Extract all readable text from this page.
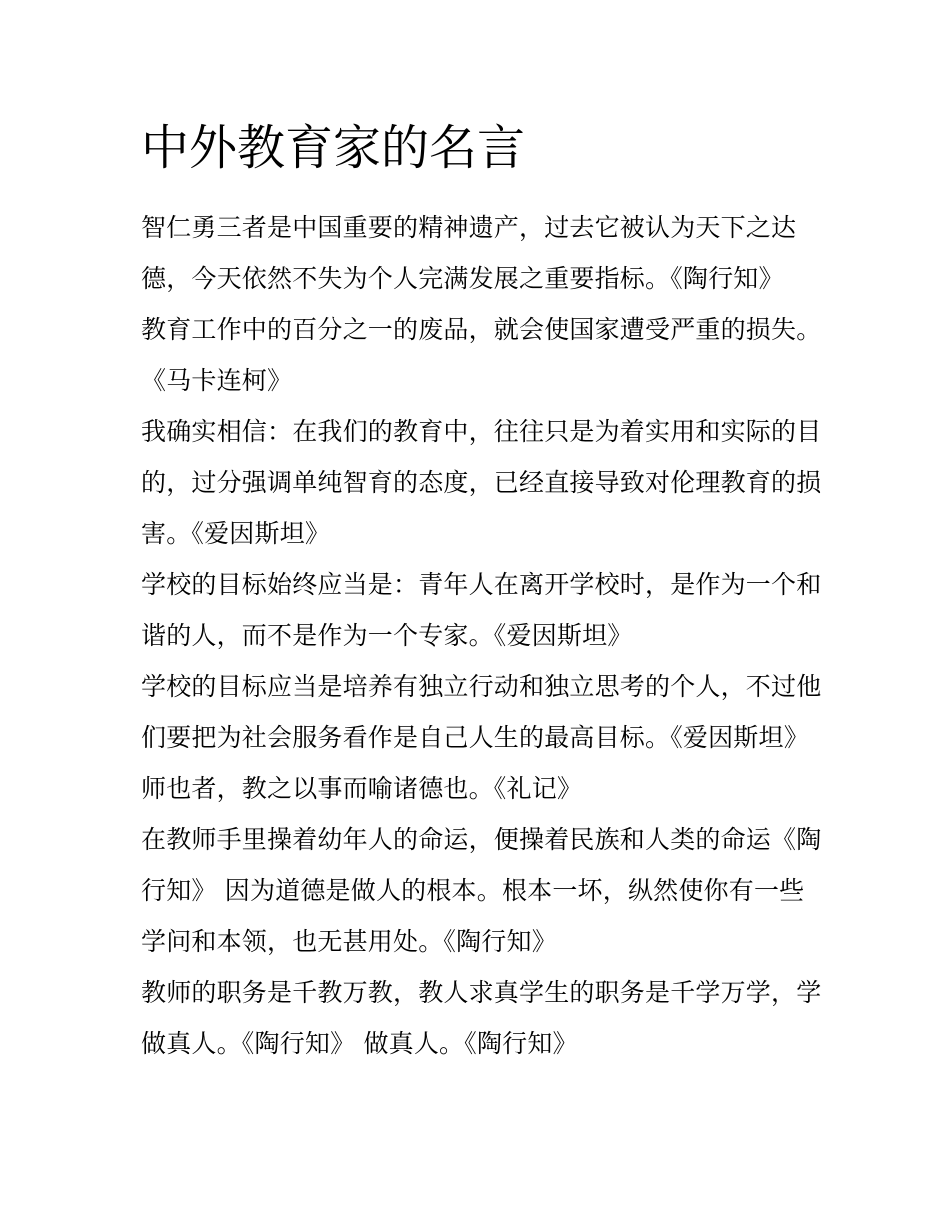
中外教育家的名言

智仁勇三者是中国重要的精神遗产，过去它被认为天下之达

德，今天依然不失为个人完满发展之重要指标。《陶行知》

教育工作中的百分之一的废品，就会使国家遭受严重的损失。

《马卡连柯》

我确实相信：在我们的教育中，往往只是为着实用和实际的目

的，过分强调单纯智育的态度，已经直接导致对伦理教育的损

害。《爱因斯坦》

学校的目标始终应当是：青年人在离开学校时，是作为一个和

谐的人，而不是作为一个专家。《爱因斯坦》

学校的目标应当是培养有独立行动和独立思考的个人，不过他

们要把为社会服务看作是自己人生的最高目标。《爱因斯坦》

师也者，教之以事而喻诸德也。《礼记》

在教师手里操着幼年人的命运，便操着民族和人类的命运《陶

行知》 因为道德是做人的根本。根本一坏，纵然使你有一些

学问和本领，也无甚用处。《陶行知》

教师的职务是千教万教，教人求真学生的职务是千学万学，学

做真人。《陶行知》 做真人。《陶行知》
